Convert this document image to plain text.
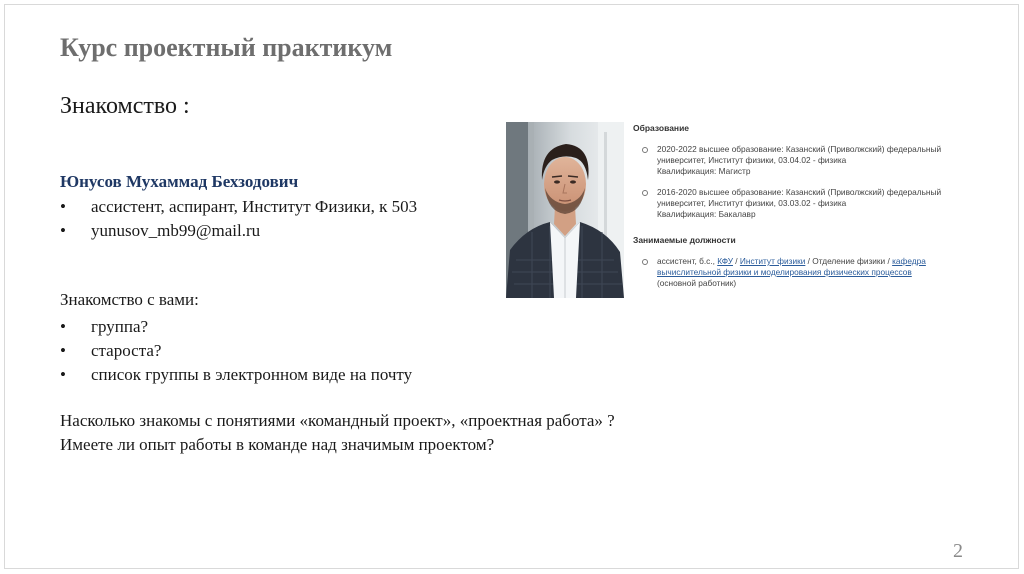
Курс проектный практикум
Знакомство :
Юнусов Мухаммад Бехзодович
• ассистент, аспирант, Институт Физики, к 503
• yunusov_mb99@mail.ru
Знакомство с вами:
• группа?
• староста?
• список группы в электронном виде на почту
Насколько знакомы с понятиями «командный проект», «проектная работа» ?
Имеете ли опыт работы в команде над значимым проектом?
Образование
2020-2022 высшее образование: Казанский (Приволжский) федеральный
университет, Институт физики, 03.04.02 - физика
Квалификация: Магистр
2016-2020 высшее образование: Казанский (Приволжский) федеральный
университет, Институт физики, 03.03.02 - физика
Квалификация: Бакалавр
Занимаемые должности
ассистент, б.с., КФУ / Институт физики / Отделение физики / кафедра
вычислительной физики и моделирования физических процессов
(основной работник)
2
